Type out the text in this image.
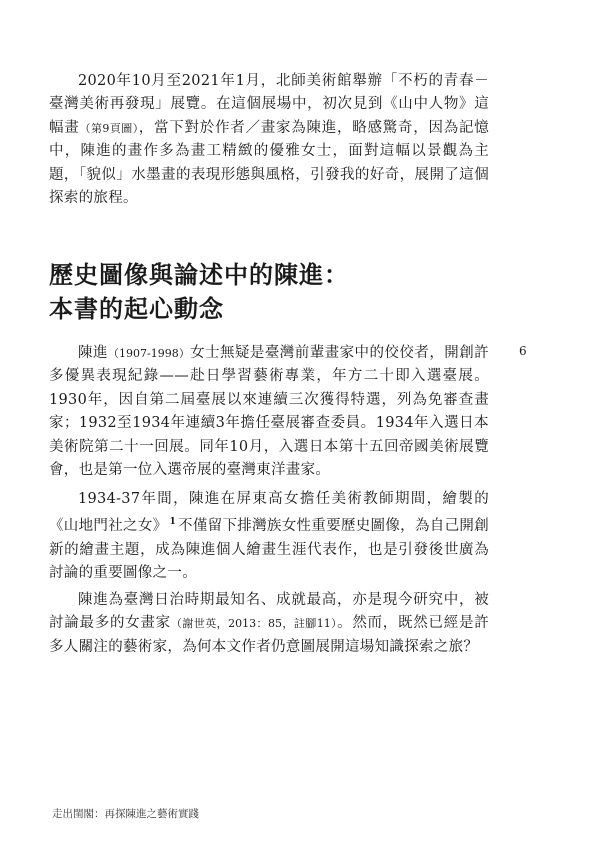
2020年10月至2021年1月，北師美術館舉辦「不朽的青春－臺灣美術再發現」展覽。在這個展場中，初次見到《山中人物》這幅畫（第9頁圖），當下對於作者／畫家為陳進，略感驚奇，因為記憶中，陳進的畫作多為畫工精緻的優雅女士，面對這幅以景觀為主題，「貌似」水墨畫的表現形態與風格，引發我的好奇，展開了這個探索的旅程。

歷史圖像與論述中的陳進：
本書的起心動念
6

陳進（1907-1998）女士無疑是臺灣前輩畫家中的佼佼者，開創許多優異表現紀錄——赴日學習藝術專業，年方二十即入選臺展。1930年，因自第二屆臺展以來連續三次獲得特選，列為免審查畫家；1932至1934年連續3年擔任臺展審查委員。1934年入選日本美術院第二十一回展。同年10月，入選日本第十五回帝國美術展覽會，也是第一位入選帝展的臺灣東洋畫家。

1934-37年間，陳進在屏東高女擔任美術教師期間，繪製的《山地門社之女》 $^1$ 不僅留下排灣族女性重要歷史圖像，為自己開創新的繪畫主題，成為陳進個人繪畫生涯代表作，也是引發後世廣為討論的重要圖像之一。

陳進為臺灣日治時期最知名、成就最高，亦是現今研究中，被討論最多的女畫家（謝世英，2013：85，註腳11）。然而，既然已經是許多人關注的藝術家，為何本文作者仍意圖展開這場知識探索之旅？

走出閨閣：再探陳進之藝術實踐
